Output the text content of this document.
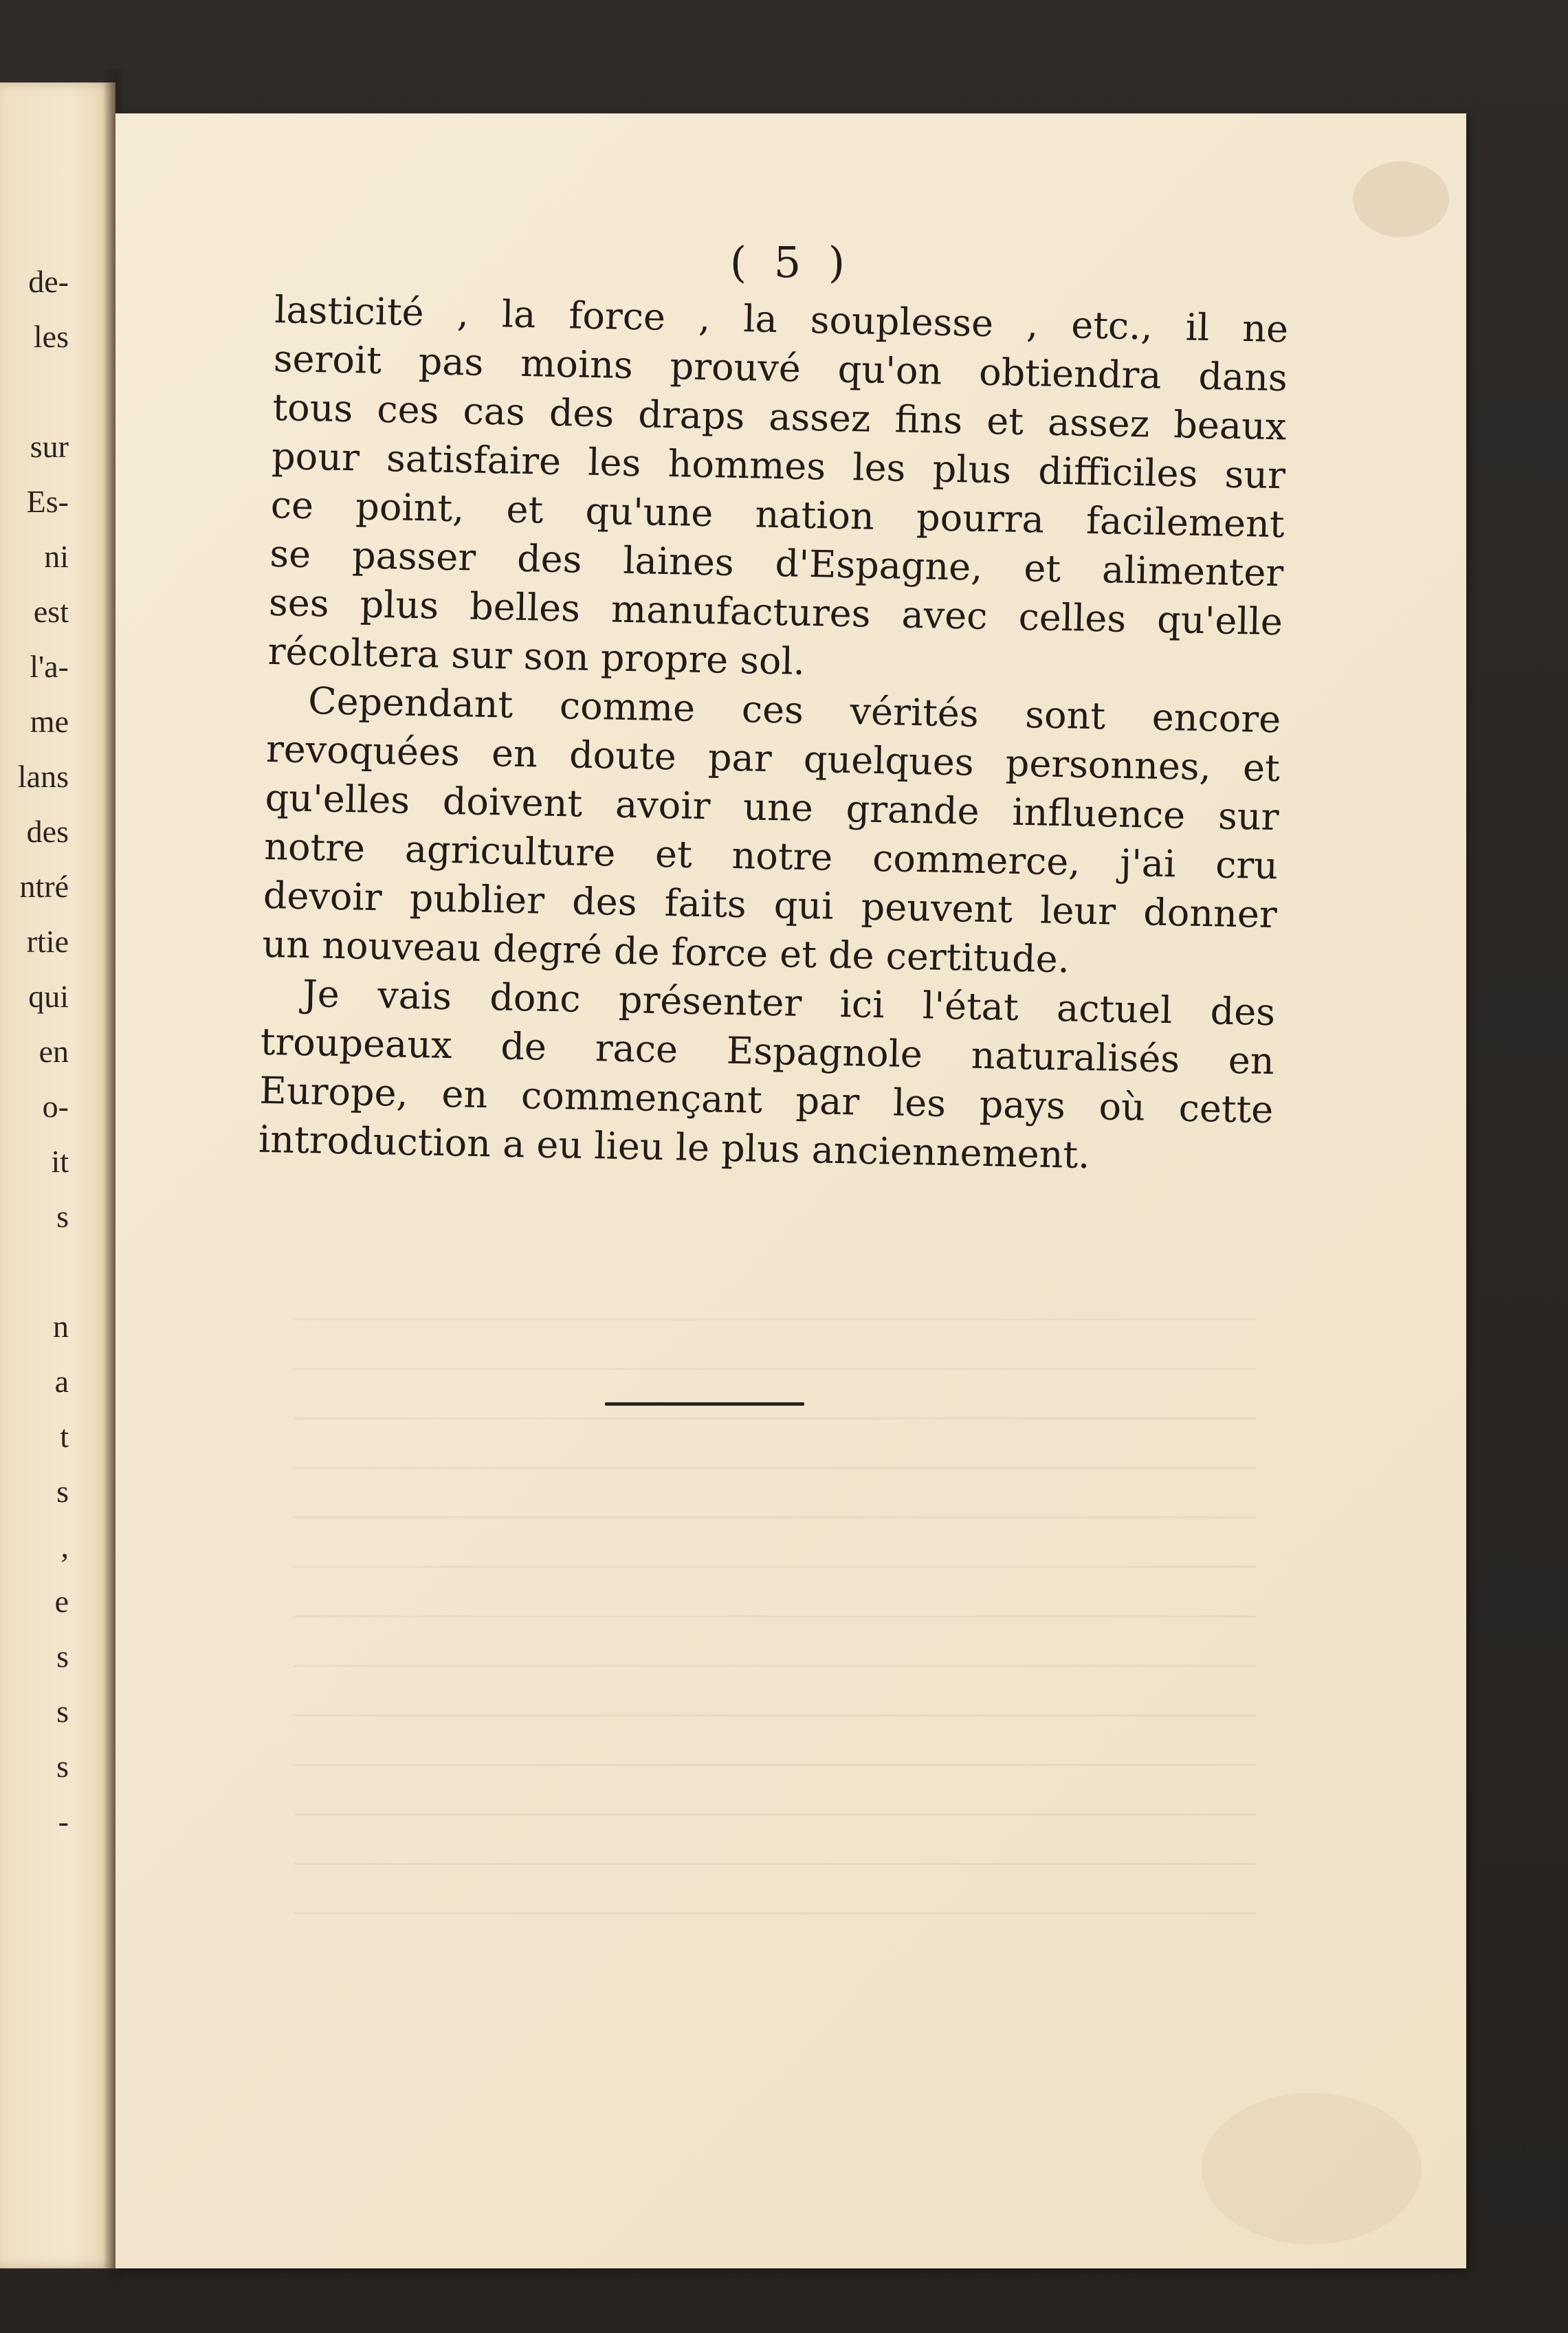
de-
les
sur
Es-
ni
est
l'a-
me
lans
des
ntré
rtie
qui
en
o-
it
s
n
a
t
s
,
e
s
s
s
-
( 5 )
lasticité , la force , la souplesse , etc., il ne
seroit pas moins prouvé qu'on obtiendra dans
tous ces cas des draps assez fins et assez beaux
pour satisfaire les hommes les plus difficiles sur
ce point, et qu'une nation pourra facilement
se passer des laines d'Espagne, et alimenter
ses plus belles manufactures avec celles qu'elle
récoltera sur son propre sol.
Cependant comme ces vérités sont encore
revoquées en doute par quelques personnes, et
qu'elles doivent avoir une grande influence sur
notre agriculture et notre commerce, j'ai cru
devoir publier des faits qui peuvent leur donner
un nouveau degré de force et de certitude.
Je vais donc présenter ici l'état actuel des
troupeaux de race Espagnole naturalisés en
Europe, en commençant par les pays où cette
introduction a eu lieu le plus anciennement.
